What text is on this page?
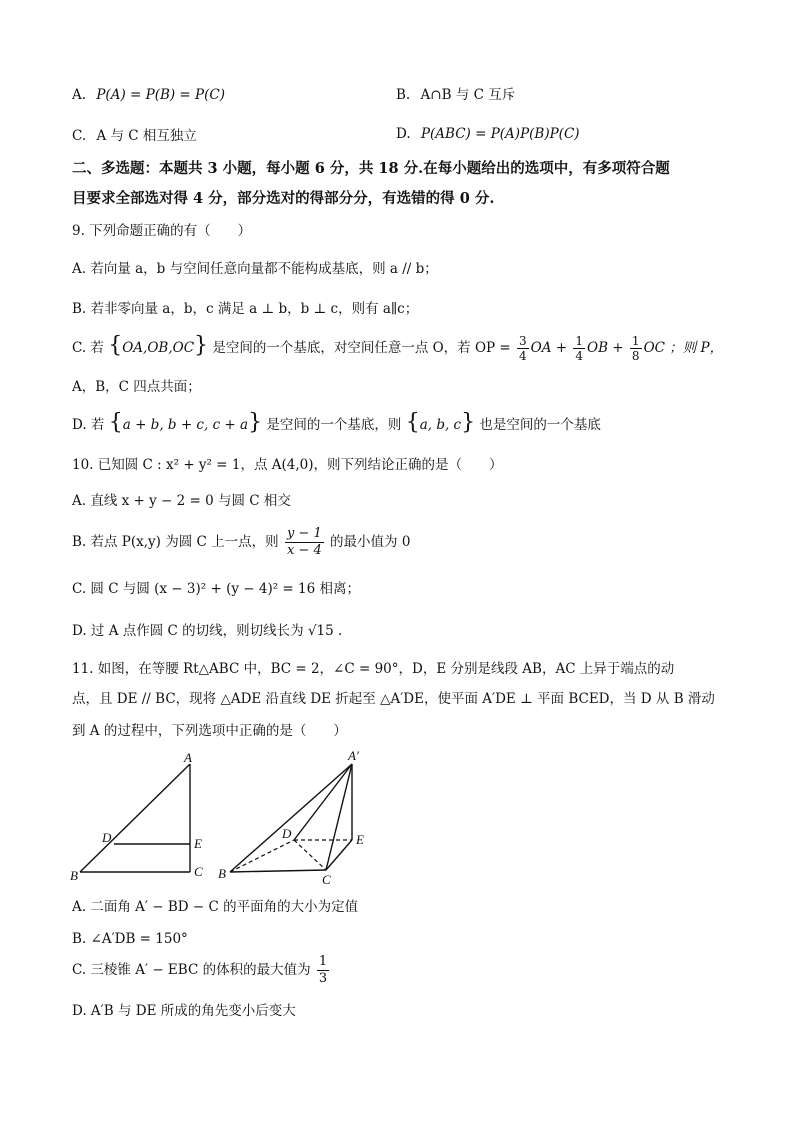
A. P(A) = P(B) = P(C)	B. A∩B 与 C 互斥
C. A 与 C 相互独立	D. P(ABC) = P(A)P(B)P(C)
二、多选题：本题共 3 小题，每小题 6 分，共 18 分.在每小题给出的选项中，有多项符合题
目要求全部选对得 4 分，部分选对的得部分分，有选错的得 0 分.
9. 下列命题正确的有（　　）
A. 若向量 a，b 与空间任意向量都不能构成基底，则 a // b；
B. 若非零向量 a，b，c 满足 a ⊥ b，b ⊥ c，则有 a∥c；
C. 若 {OA,OB,OC} 是空间的一个基底，对空间任意一点 O，若 OP = $\frac{3}{4}$ OA + $\frac{1}{4}$ OB + $\frac{1}{8}$ OC ；则 P，
A，B，C 四点共面；
D. 若 {a + b, b + c, c + a} 是空间的一个基底，则 {a, b, c} 也是空间的一个基底
10. 已知圆 C : x² + y² = 1，点 A(4,0)，则下列结论正确的是（　　）
A. 直线 x + y − 2 = 0 与圆 C 相交
B. 若点 P(x,y) 为圆 C 上一点，则 $\frac{y - 1}{x - 4}$ 的最小值为 0
C. 圆 C 与圆 (x − 3)² + (y − 4)² = 16 相离；
D. 过 A 点作圆 C 的切线，则切线长为 √15 .
11. 如图，在等腰 Rt△ABC 中，BC = 2，∠C = 90°，D，E 分别是线段 AB，AC 上异于端点的动
点，且 DE // BC，现将 △ADE 沿直线 DE 折起至 △A′DE，使平面 A′DE ⊥ 平面 BCED，当 D 从 B 滑动
到 A 的过程中，下列选项中正确的是（　　）
A
D	E
B	C
A′
D	E
B	C
A. 二面角 A′ − BD − C 的平面角的大小为定值
B. ∠A′DB = 150°
C. 三棱锥 A′ − EBC 的体积的最大值为 $\frac{1}{3}$
D. A′B 与 DE 所成的角先变小后变大
